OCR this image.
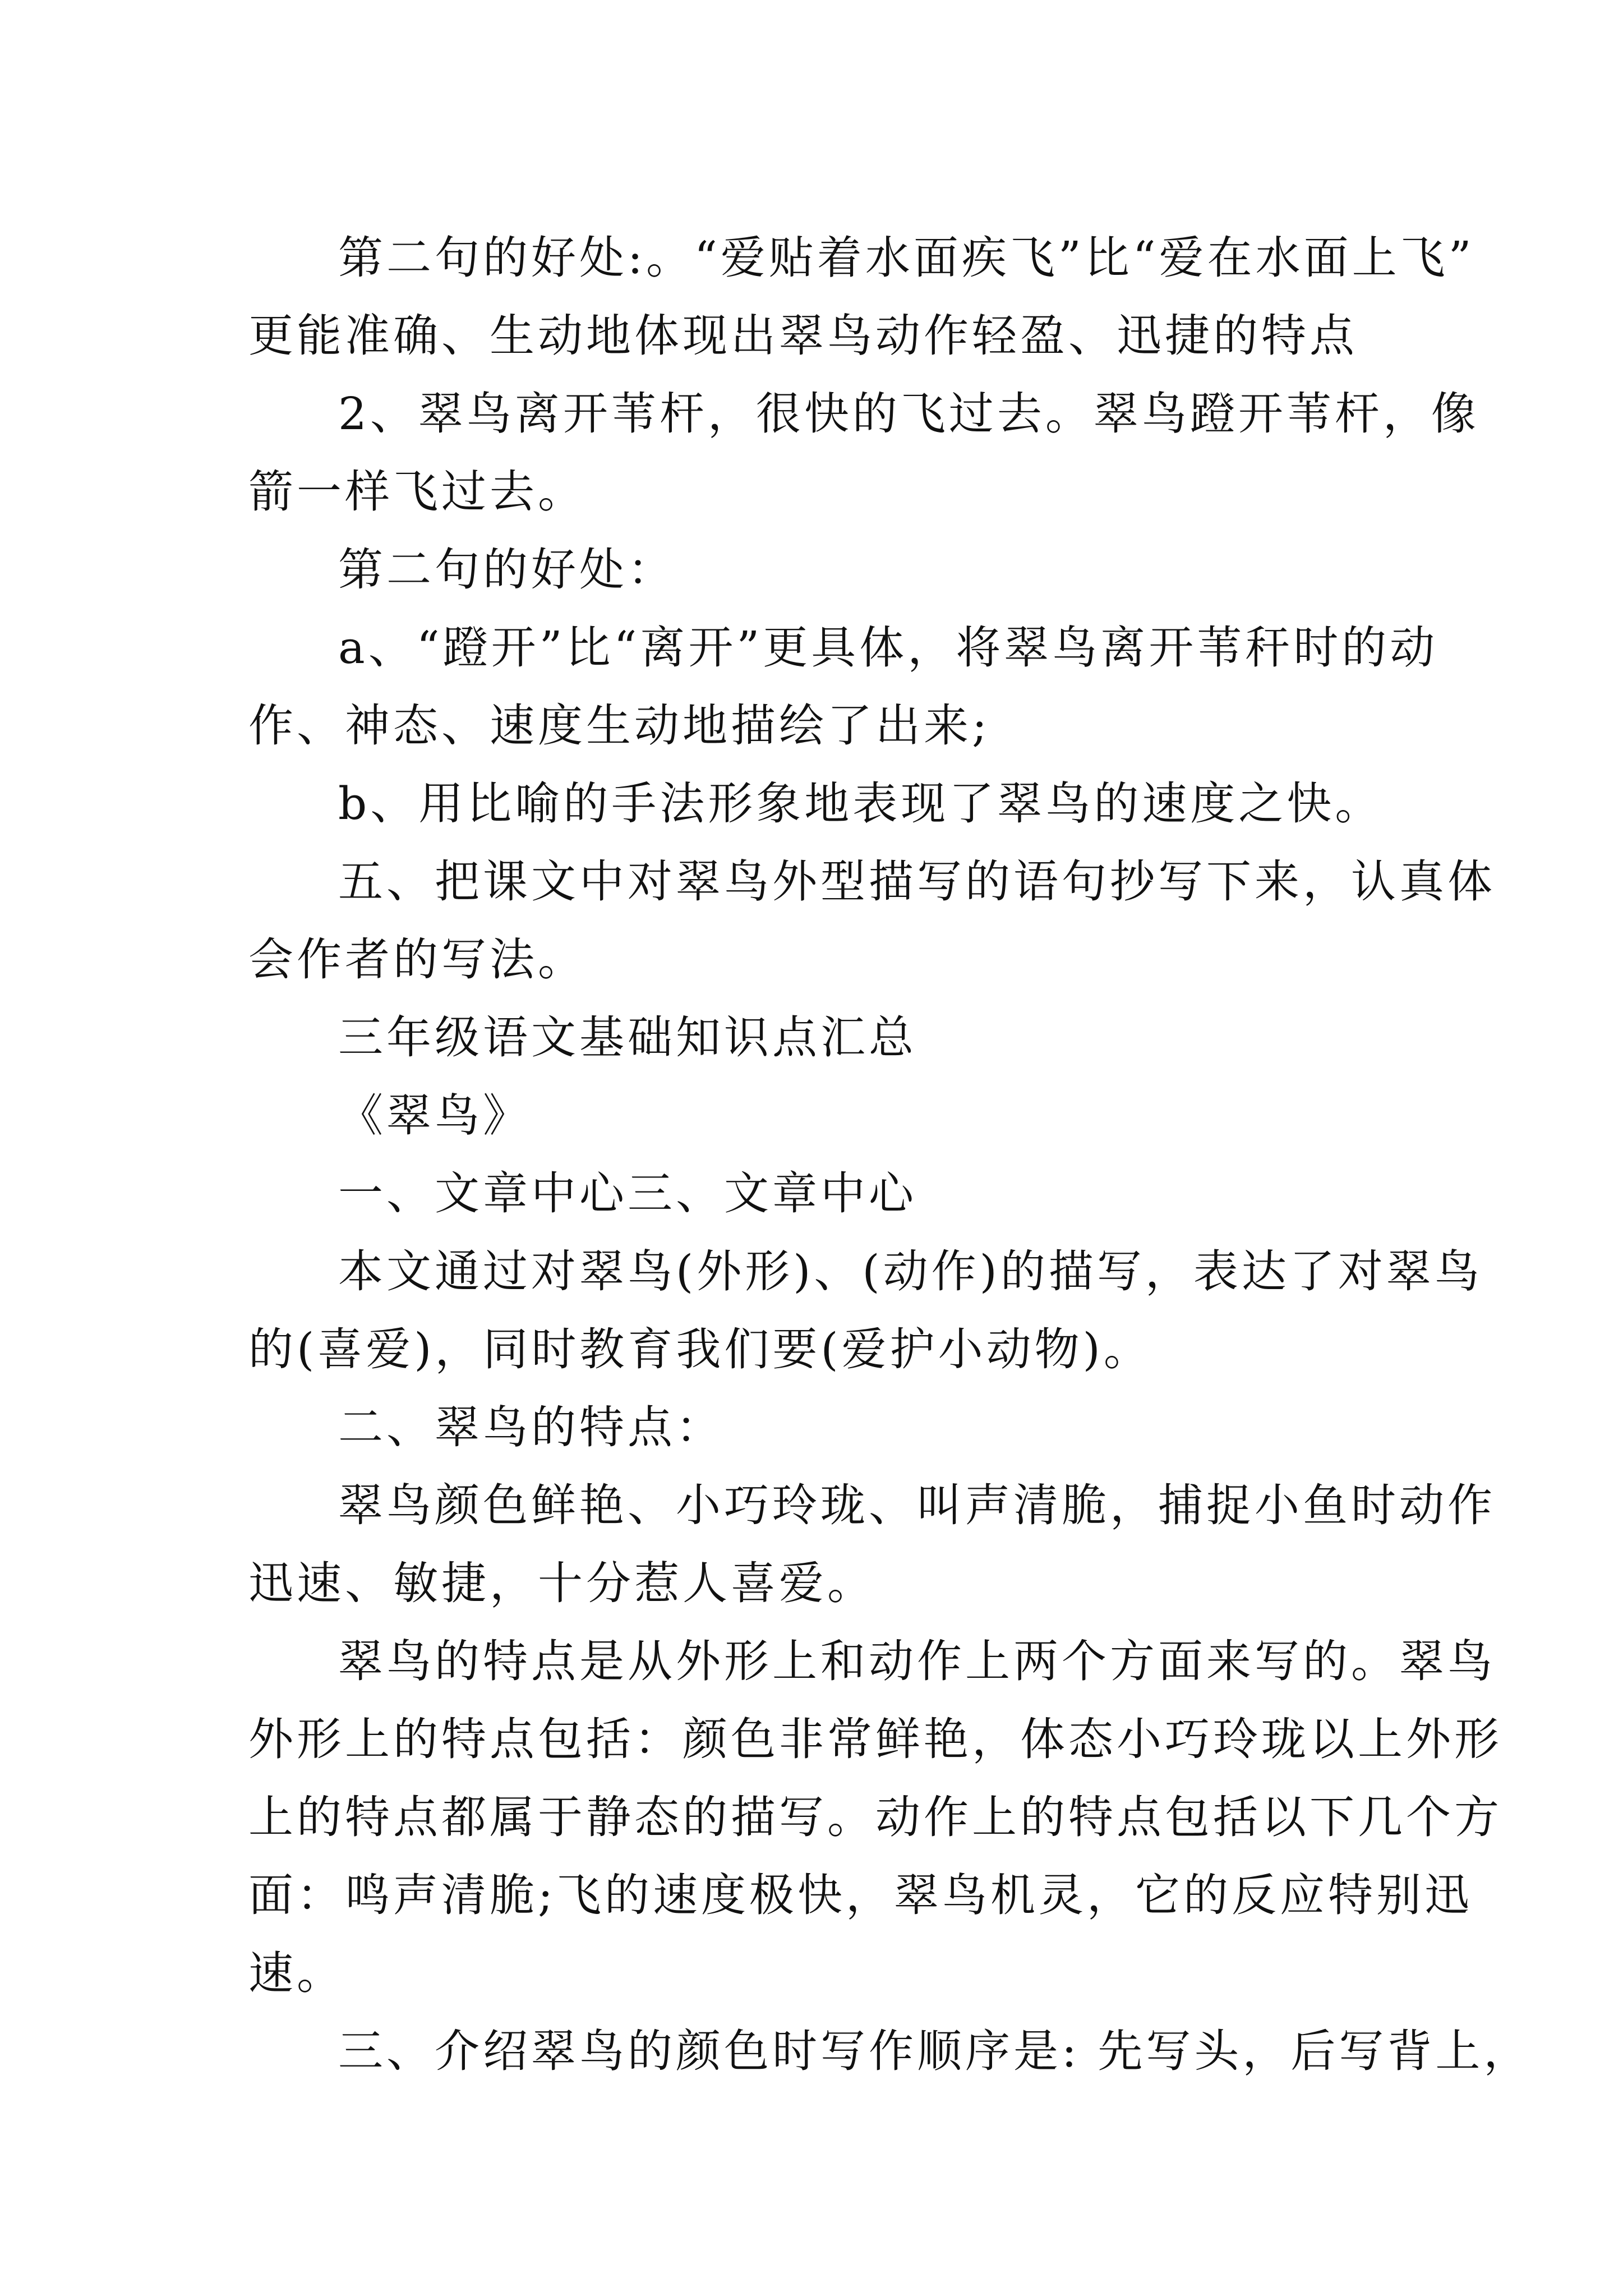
第二句的好处:。“爱贴着水面疾飞”比“爱在水面上飞”
更能准确、生动地体现出翠鸟动作轻盈、迅捷的特点
2、翠鸟离开苇杆，很快的飞过去。翠鸟蹬开苇杆，像
箭一样飞过去。
第二句的好处：
a、“蹬开”比“离开”更具体，将翠鸟离开苇秆时的动
作、神态、速度生动地描绘了出来;
b、用比喻的手法形象地表现了翠鸟的速度之快。
五、把课文中对翠鸟外型描写的语句抄写下来，认真体
会作者的写法。
三年级语文基础知识点汇总
《翠鸟》
一、文章中心三、文章中心
本文通过对翠鸟(外形)、(动作)的描写，表达了对翠鸟
的(喜爱)，同时教育我们要(爱护小动物)。
二、翠鸟的特点：
翠鸟颜色鲜艳、小巧玲珑、叫声清脆，捕捉小鱼时动作
迅速、敏捷，十分惹人喜爱。
翠鸟的特点是从外形上和动作上两个方面来写的。翠鸟
外形上的特点包括：颜色非常鲜艳，体态小巧玲珑以上外形
上的特点都属于静态的描写。动作上的特点包括以下几个方
面：鸣声清脆;飞的速度极快，翠鸟机灵，它的反应特别迅
速。
三、介绍翠鸟的颜色时写作顺序是: 先写头，后写背上，
